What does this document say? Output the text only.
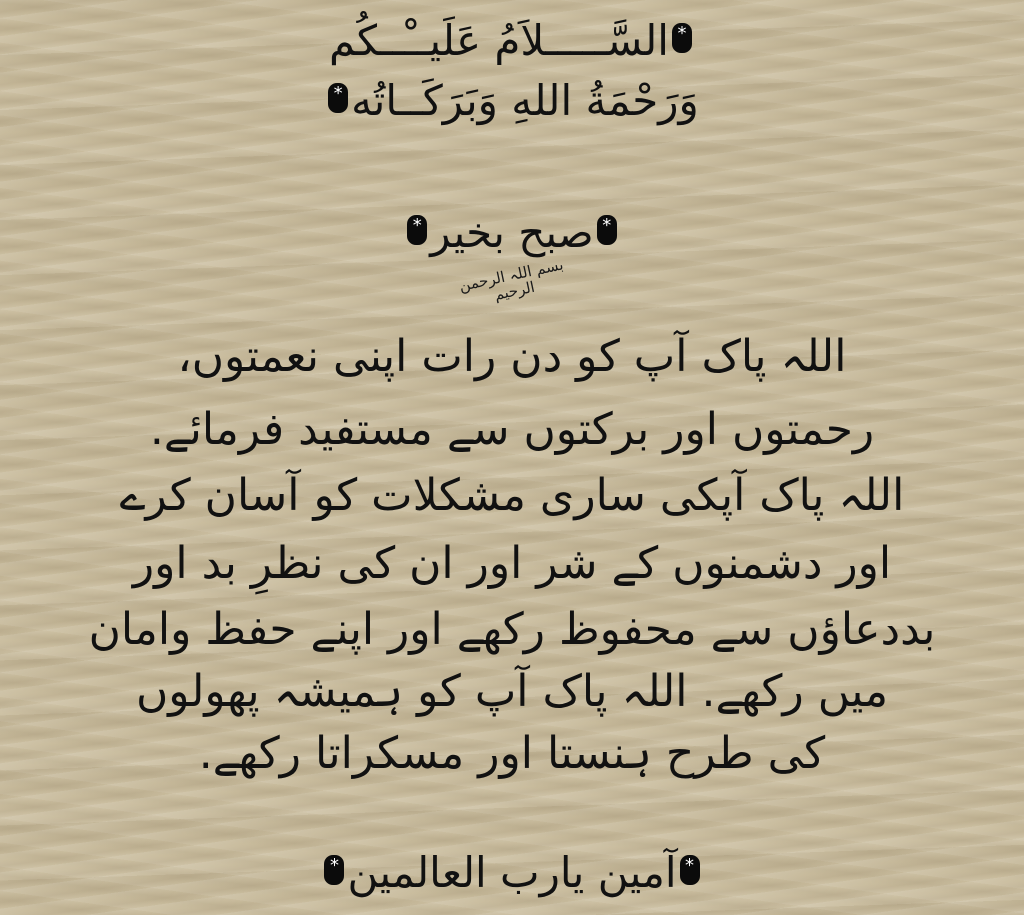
*السَّـــــلاَمُ عَلَيــْــكُم
وَرَحْمَةُ اللهِ وَبَرَكَــاتُه*
*صبح بخیر*
بسم اللہ الرحمن الرحیم
اللہ پاک آپ کو دن رات اپنی نعمتوں،
رحمتوں اور برکتوں سے مستفید فرمائے.
اللہ پاک آپکی ساری مشکلات کو آسان کرے
اور دشمنوں کے شر اور ان کی نظرِ بد اور
بددعاؤں سے محفوظ رکھے اور اپنے حفظ وامان
میں رکھے. اللہ پاک آپ کو ہمیشہ پھولوں
کی طرح ہنستا اور مسکراتا رکھے.
*آمین یارب العالمین*
